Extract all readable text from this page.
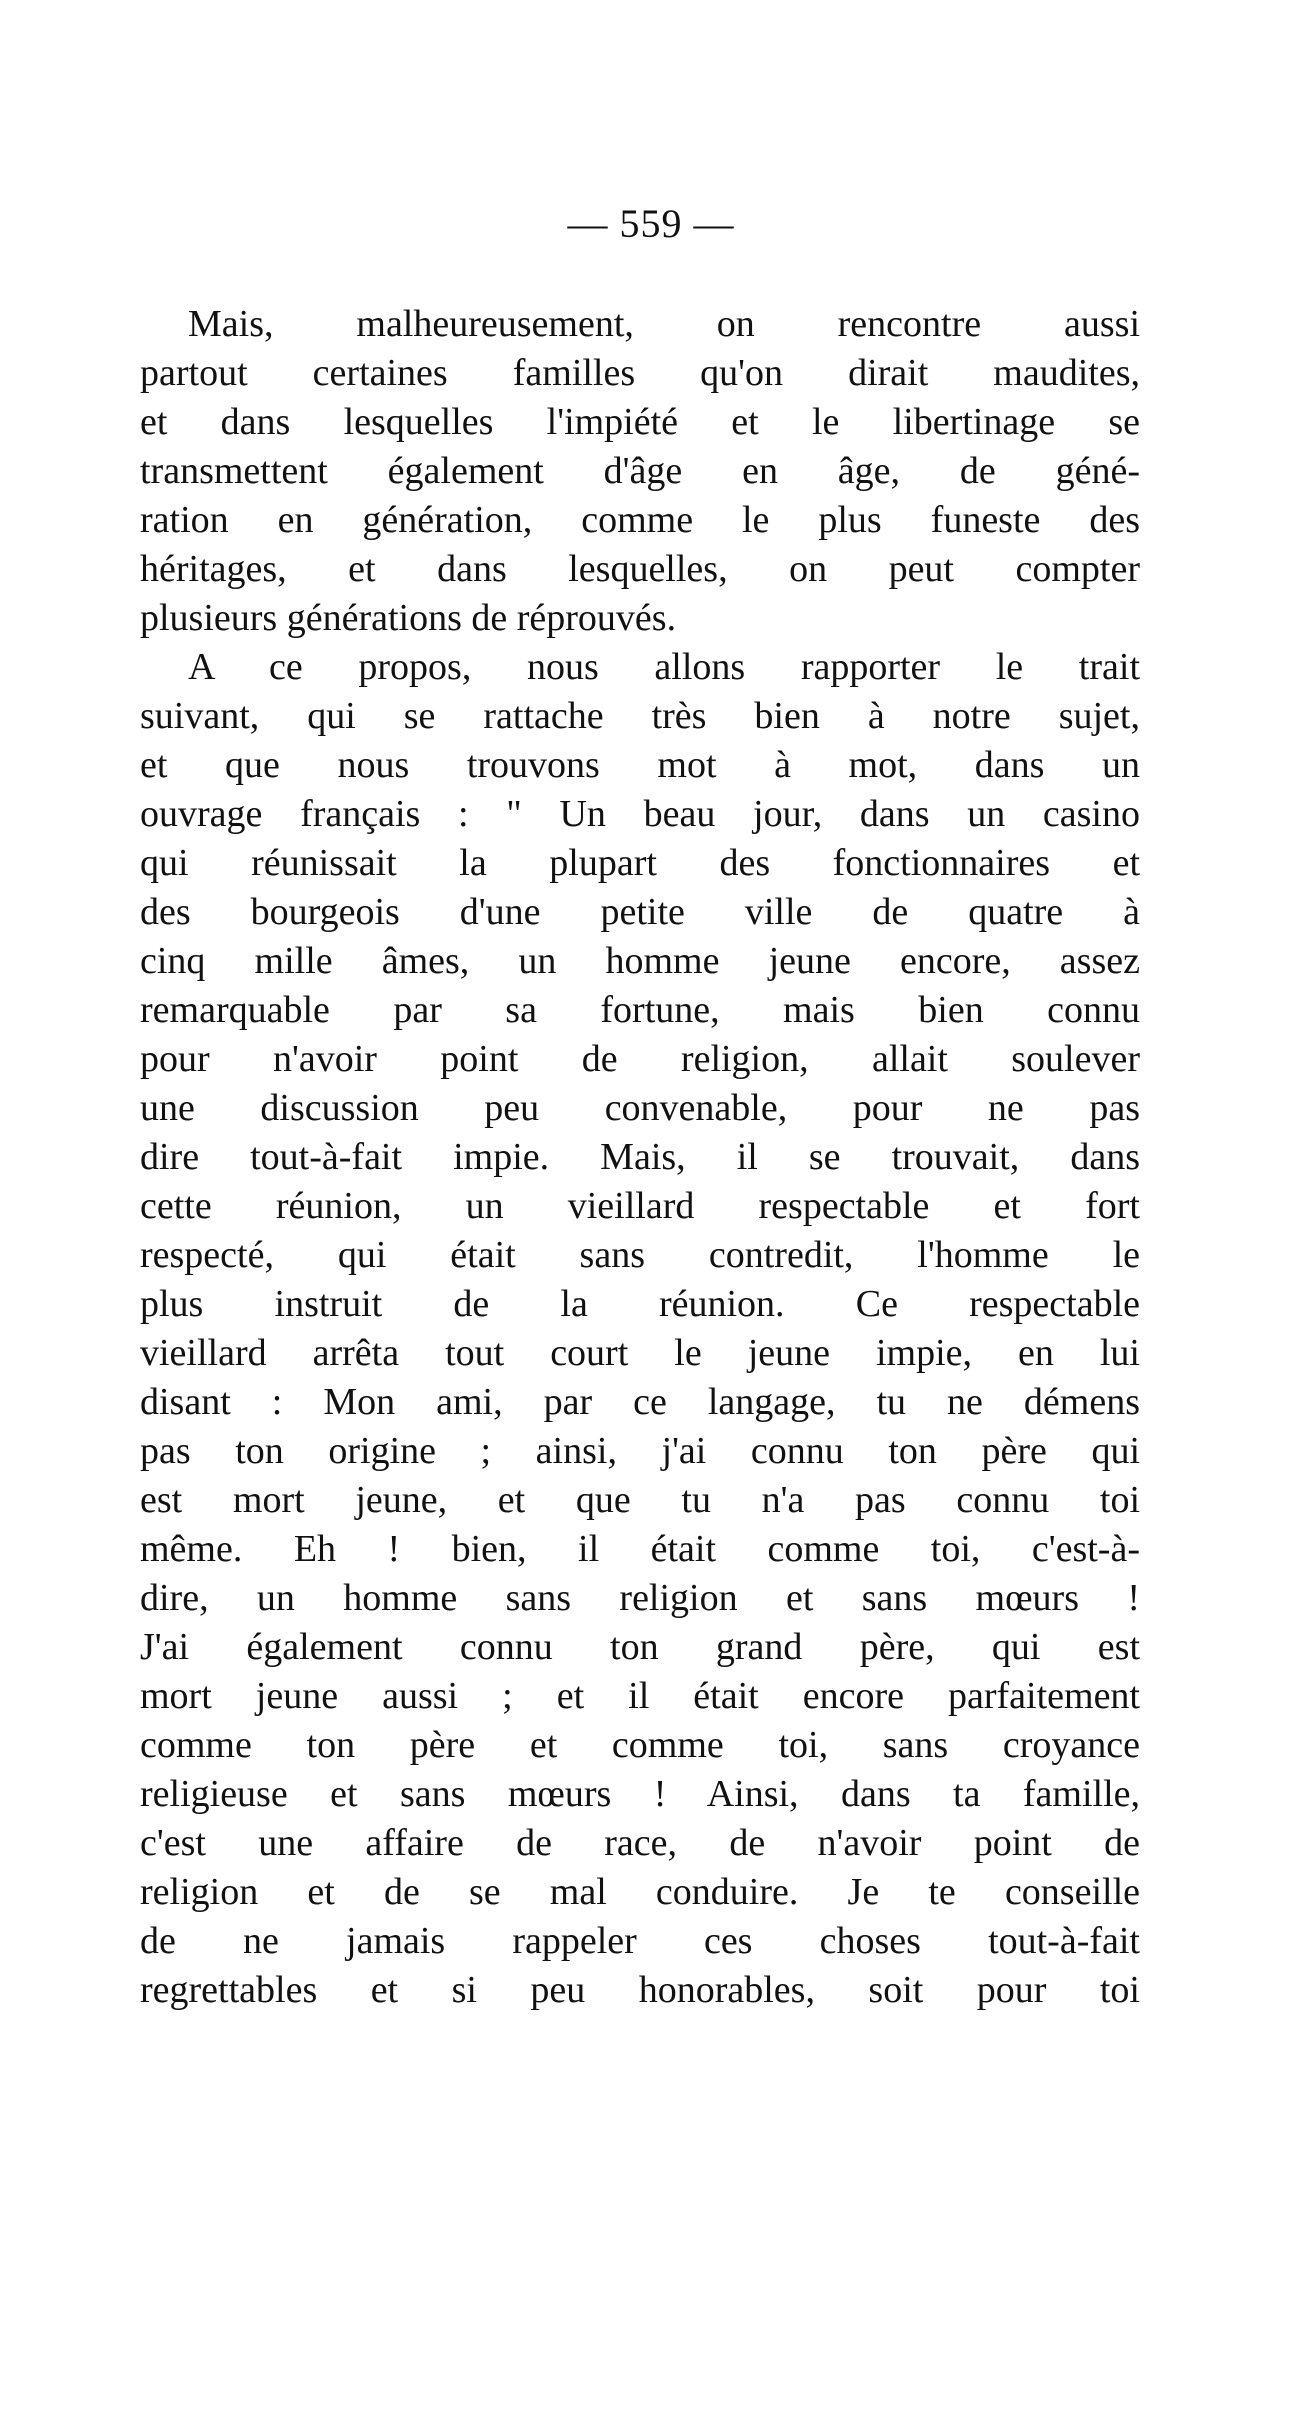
— 559 —
Mais, malheureusement, on rencontre aussi
partout certaines familles qu'on dirait maudites,
et dans lesquelles l'impiété et le libertinage se
transmettent également d'âge en âge, de géné-
ration en génération, comme le plus funeste des
héritages, et dans lesquelles, on peut compter
plusieurs générations de réprouvés.
A ce propos, nous allons rapporter le trait
suivant, qui se rattache très bien à notre sujet,
et que nous trouvons mot à mot, dans un
ouvrage français : " Un beau jour, dans un casino
qui réunissait la plupart des fonctionnaires et
des bourgeois d'une petite ville de quatre à
cinq mille âmes, un homme jeune encore, assez
remarquable par sa fortune, mais bien connu
pour n'avoir point de religion, allait soulever
une discussion peu convenable, pour ne pas
dire tout-à-fait impie. Mais, il se trouvait, dans
cette réunion, un vieillard respectable et fort
respecté, qui était sans contredit, l'homme le
plus instruit de la réunion. Ce respectable
vieillard arrêta tout court le jeune impie, en lui
disant : Mon ami, par ce langage, tu ne démens
pas ton origine ; ainsi, j'ai connu ton père qui
est mort jeune, et que tu n'a pas connu toi
même. Eh ! bien, il était comme toi, c'est-à-
dire, un homme sans religion et sans mœurs !
J'ai également connu ton grand père, qui est
mort jeune aussi ; et il était encore parfaitement
comme ton père et comme toi, sans croyance
religieuse et sans mœurs ! Ainsi, dans ta famille,
c'est une affaire de race, de n'avoir point de
religion et de se mal conduire. Je te conseille
de ne jamais rappeler ces choses tout-à-fait
regrettables et si peu honorables, soit pour toi
